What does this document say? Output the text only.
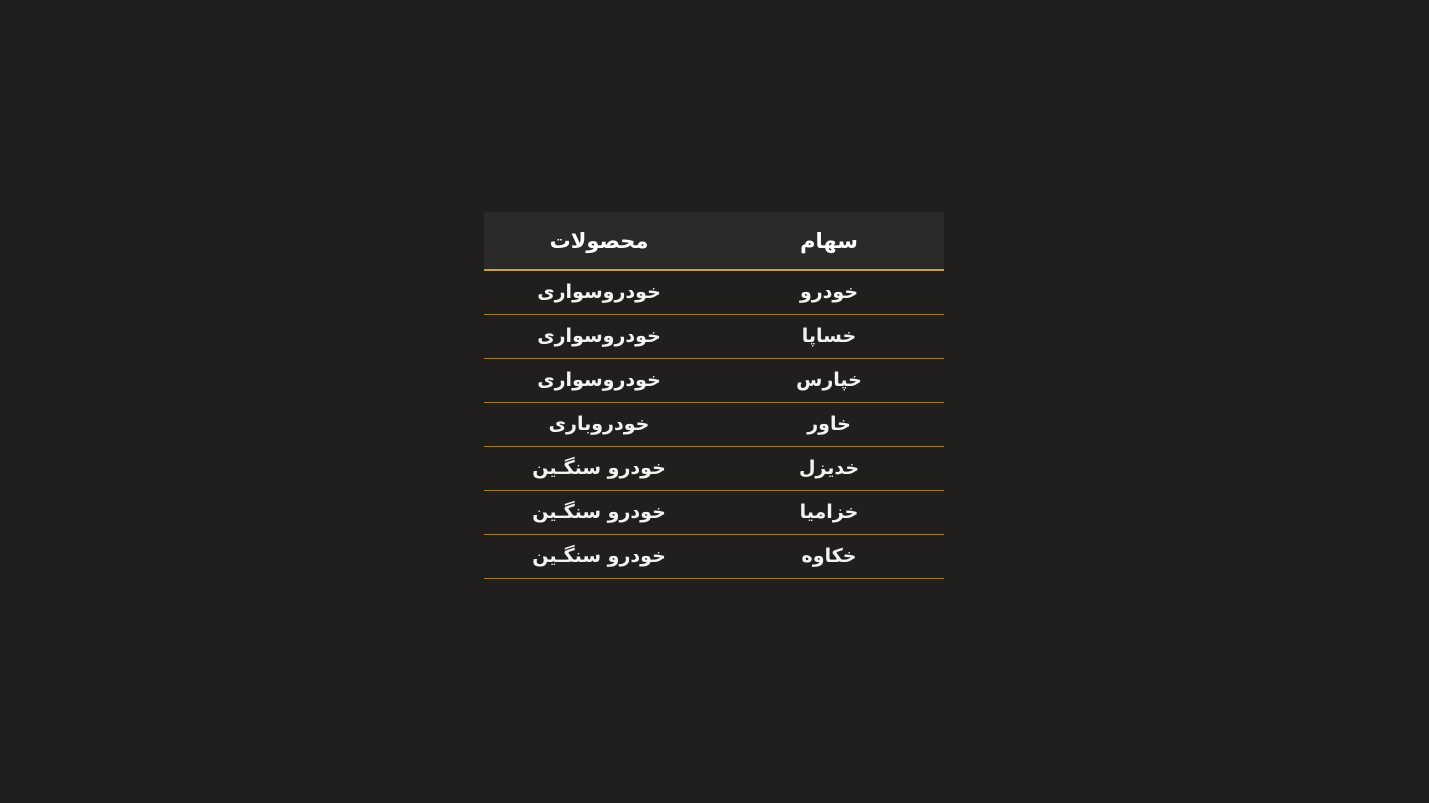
سهام	محصولات
خودرو	خودروسواری
خساپا	خودروسواری
خپارس	خودروسواری
خاور	خودروباری
خدیزل	خودرو سنگـین
خزامیا	خودرو سنگـین
خکاوه	خودرو سنگـین
